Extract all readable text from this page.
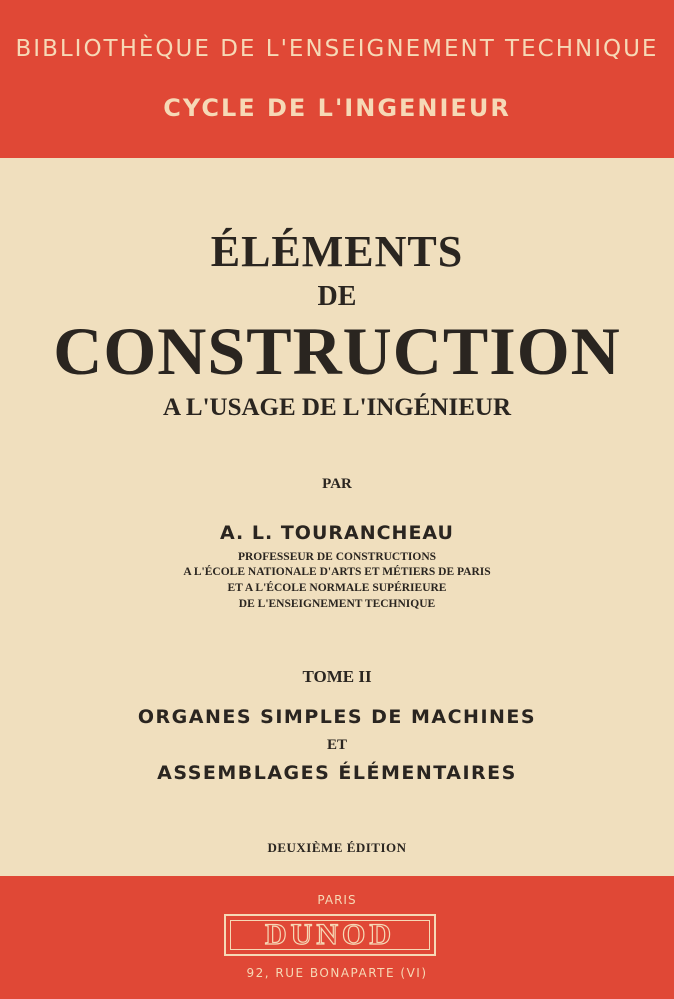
BIBLIOTHÈQUE DE L'ENSEIGNEMENT TECHNIQUE
CYCLE DE L'INGENIEUR
ÉLÉMENTS
DE
CONSTRUCTION
A L'USAGE DE L'INGÉNIEUR
PAR
A. L. TOURANCHEAU
PROFESSEUR DE CONSTRUCTIONS
A L'ÉCOLE NATIONALE D'ARTS ET MÉTIERS DE PARIS
ET A L'ÉCOLE NORMALE SUPÉRIEURE
DE L'ENSEIGNEMENT TECHNIQUE
TOME II
ORGANES SIMPLES DE MACHINES
ET
ASSEMBLAGES ÉLÉMENTAIRES
DEUXIÈME ÉDITION
PARIS
DUNOD
92, RUE BONAPARTE (VI)
